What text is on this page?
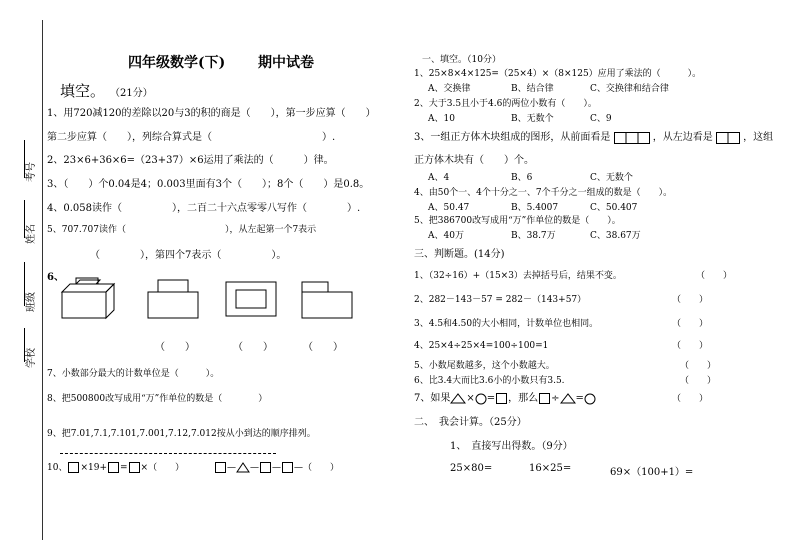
考号
姓名
班级
学校
四年级数学(下) 期中试卷
填空。 （21分）
1、用720减120的差除以20与3的积的商是（　　），第一步应算（　　）
第二步应算（　　），列综合算式是（　　　　　　　　　　　）.
2、23×6+36×6=（23+37）×6运用了乘法的（　　　）律。
3、（　　）个0.04是4；0.003里面有3个（　　）；8个（　　）是0.8。
4、0.058读作（　　　　　），二百二十六点零零八写作（　　　　）.
5、707.707读作（　　　　　　　　　　　），从左起第一个7表示
（　　　　），第四个7表示（　　　　　）。
6、
（　　）	（　　）	（　　）
7、小数部分最大的计数单位是（　　　）。
8、把500800改写成用“万”作单位的数是（　　　　）
9、把7.01,7.1,7.101,7.001,7.12,7.012按从小到达的顺序排列。
10、 ×19+ = ×（　　）	— — — —（　　）
一、填空。（10分）
1、25×8×4×125=（25×4）×（8×125）应用了乘法的（　　　）。
A、交换律	B、结合律	C、交换律和结合律
2、大于3.5且小于4.6的两位小数有（　　）。
A、10	B、无数个	C、9
3、一组正方体木块组成的图形，从前面看是	，从左边看是	，这组
正方体木块有（　　）个。
A、4	B、6	C、无数个
4、由50个一、4个十分之一、7个千分之一组成的数是（　　）。
A、50.47	B、5.4007	C、50.407
5、把386700改写成用“万”作单位的数是（　　）。
A、40万	B、38.7万	C、38.67万
三、判断题。(14分)
1、（32÷16）+（15×3）去掉括号后，结果不变。	（　　）
2、282－143－57 = 282－（143+57）	（　　）
3、4.5和4.50的大小相同，计数单位也相同。	（　　）
4、25×4÷25×4=100÷100=1	（　　）
5、小数尾数越多，这个小数越大。	（　　）
6、比3.4大而比3.6小的小数只有3.5.	（　　）
7、如果 × = ，那么 ÷ =	（　　）
二、　我会计算。（25分）
1、　直接写出得数。（9分）
25×80=	16×25=	69×（100+1）=
